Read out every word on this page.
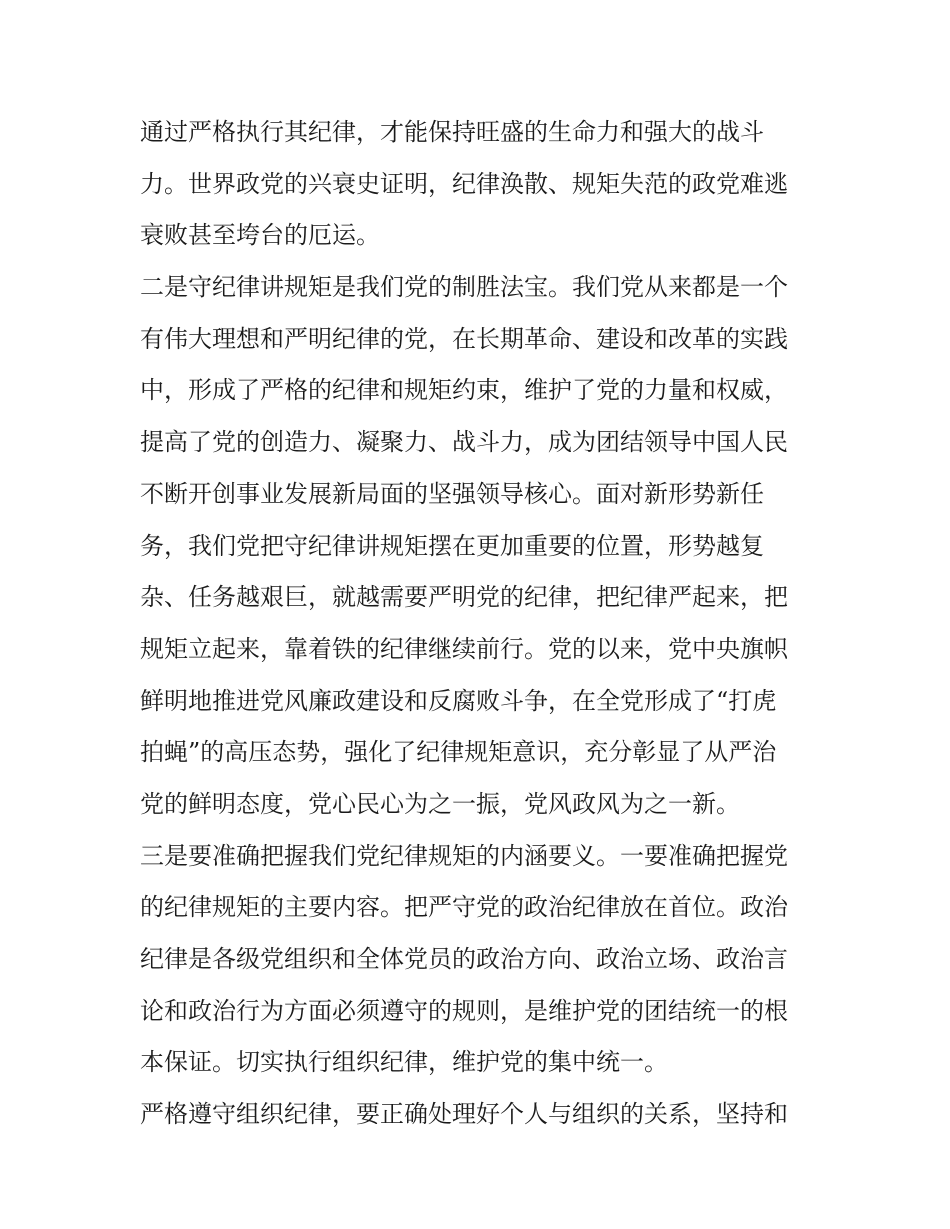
通过严格执行其纪律，才能保持旺盛的生命力和强大的战斗
力。世界政党的兴衰史证明，纪律涣散、规矩失范的政党难逃
衰败甚至垮台的厄运。
二是守纪律讲规矩是我们党的制胜法宝。我们党从来都是一个
有伟大理想和严明纪律的党，在长期革命、建设和改革的实践
中，形成了严格的纪律和规矩约束，维护了党的力量和权威，
提高了党的创造力、凝聚力、战斗力，成为团结领导中国人民
不断开创事业发展新局面的坚强领导核心。面对新形势新任
务，我们党把守纪律讲规矩摆在更加重要的位置，形势越复
杂、任务越艰巨，就越需要严明党的纪律，把纪律严起来，把
规矩立起来，靠着铁的纪律继续前行。党的以来，党中央旗帜
鲜明地推进党风廉政建设和反腐败斗争，在全党形成了“打虎
拍蝇”的高压态势，强化了纪律规矩意识，充分彰显了从严治
党的鲜明态度，党心民心为之一振，党风政风为之一新。
三是要准确把握我们党纪律规矩的内涵要义。一要准确把握党
的纪律规矩的主要内容。把严守党的政治纪律放在首位。政治
纪律是各级党组织和全体党员的政治方向、政治立场、政治言
论和政治行为方面必须遵守的规则，是维护党的团结统一的根
本保证。切实执行组织纪律，维护党的集中统一。
严格遵守组织纪律，要正确处理好个人与组织的关系，坚持和
